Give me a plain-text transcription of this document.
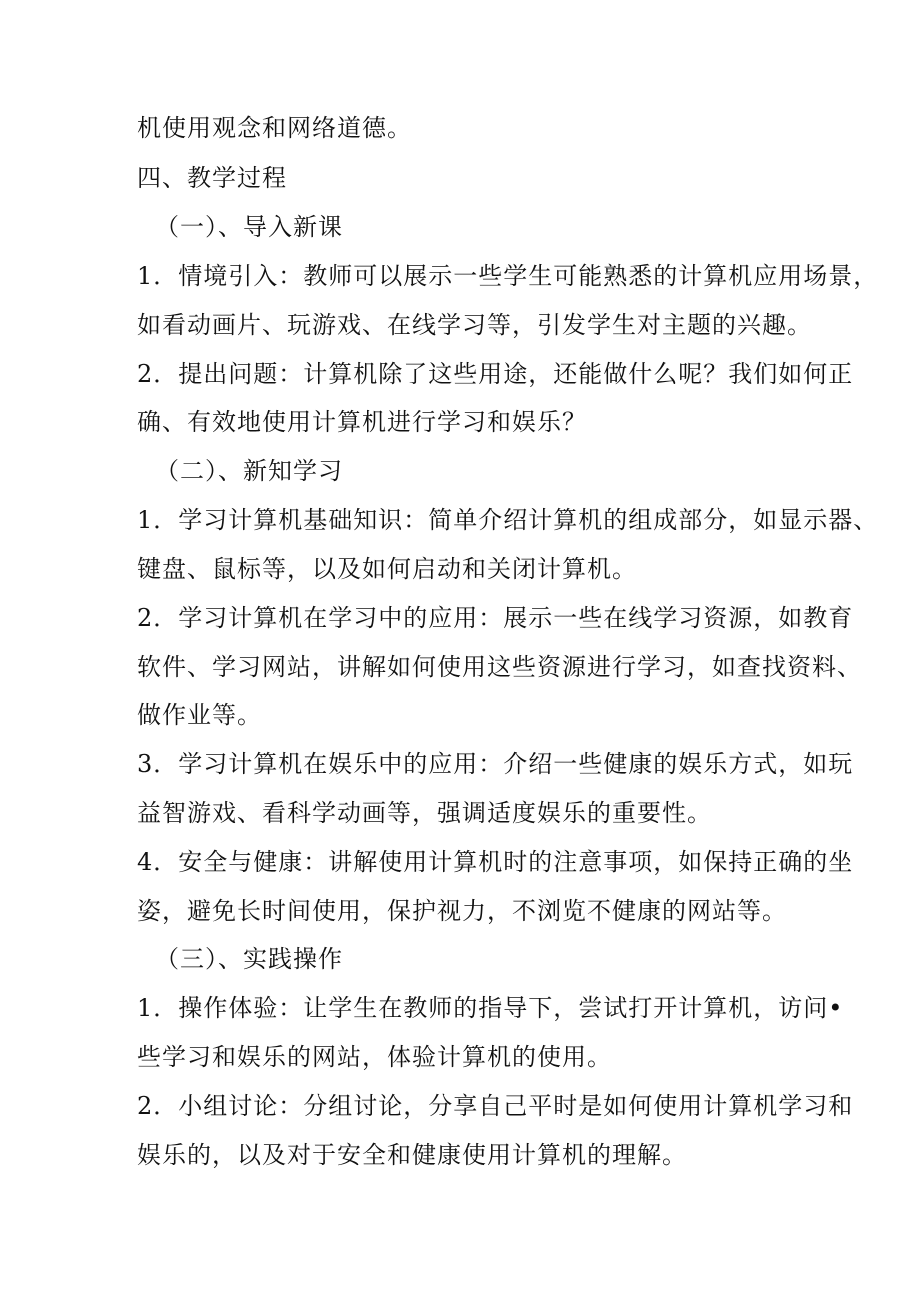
机使用观念和网络道德。
四、教学过程
（一）、导入新课
1．情境引入：教师可以展示一些学生可能熟悉的计算机应用场景，
如看动画片、玩游戏、在线学习等，引发学生对主题的兴趣。
2．提出问题：计算机除了这些用途，还能做什么呢？我们如何正
确、有效地使用计算机进行学习和娱乐？
（二）、新知学习
1．学习计算机基础知识：简单介绍计算机的组成部分，如显示器、
键盘、鼠标等，以及如何启动和关闭计算机。
2．学习计算机在学习中的应用：展示一些在线学习资源，如教育
软件、学习网站，讲解如何使用这些资源进行学习，如查找资料、
做作业等。
3．学习计算机在娱乐中的应用：介绍一些健康的娱乐方式，如玩
益智游戏、看科学动画等，强调适度娱乐的重要性。
4．安全与健康：讲解使用计算机时的注意事项，如保持正确的坐
姿，避免长时间使用，保护视力，不浏览不健康的网站等。
（三）、实践操作
1．操作体验：让学生在教师的指导下，尝试打开计算机，访问•
些学习和娱乐的网站，体验计算机的使用。
2．小组讨论：分组讨论，分享自己平时是如何使用计算机学习和
娱乐的，以及对于安全和健康使用计算机的理解。
